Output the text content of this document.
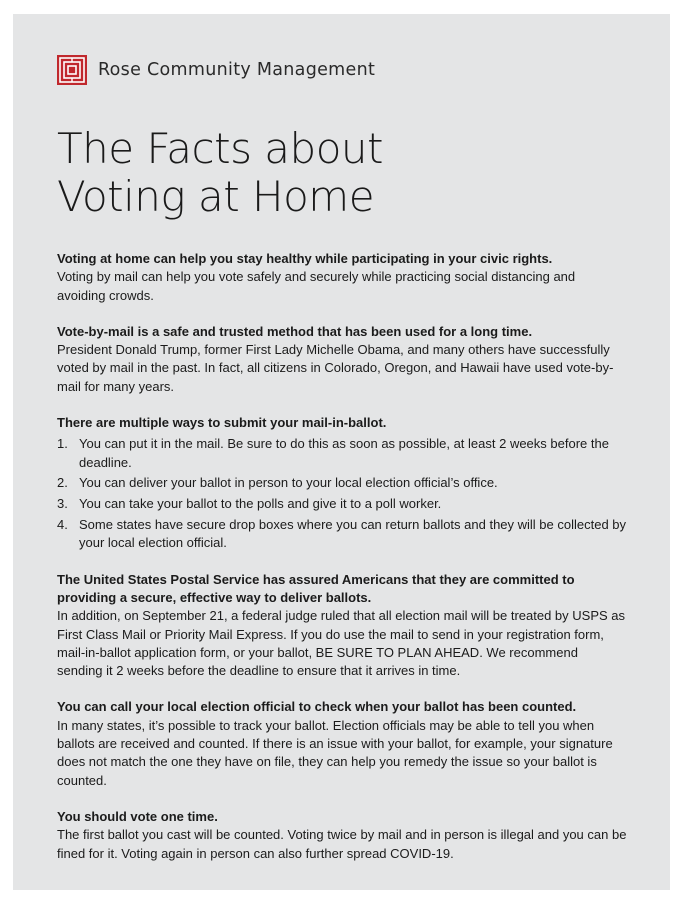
Rose Community Management
The Facts about
Voting at Home

Voting at home can help you stay healthy while participating in your civic rights.

Voting by mail can help you vote safely and securely while practicing social distancing and avoiding crowds.

Vote-by-mail is a safe and trusted method that has been used for a long time.

President Donald Trump, former First Lady Michelle Obama, and many others have successfully voted by mail in the past. In fact, all citizens in Colorado, Oregon, and Hawaii have used vote-by-mail for many years.

There are multiple ways to submit your mail-in-ballot.

1. You can put it in the mail. Be sure to do this as soon as possible, at least 2 weeks before the deadline.
2. You can deliver your ballot in person to your local election official’s office.
3. You can take your ballot to the polls and give it to a poll worker.
4. Some states have secure drop boxes where you can return ballots and they will be collected by your local election official.

The United States Postal Service has assured Americans that they are committed to providing a secure, effective way to deliver ballots.

In addition, on September 21, a federal judge ruled that all election mail will be treated by USPS as First Class Mail or Priority Mail Express. If you do use the mail to send in your registration form, mail-in-ballot application form, or your ballot, BE SURE TO PLAN AHEAD. We recommend sending it 2 weeks before the deadline to ensure that it arrives in time.

You can call your local election official to check when your ballot has been counted.

In many states, it’s possible to track your ballot. Election officials may be able to tell you when ballots are received and counted. If there is an issue with your ballot, for example, your signature does not match the one they have on file, they can help you remedy the issue so your ballot is counted.

You should vote one time.

The first ballot you cast will be counted. Voting twice by mail and in person is illegal and you can be fined for it. Voting again in person can also further spread COVID-19.
